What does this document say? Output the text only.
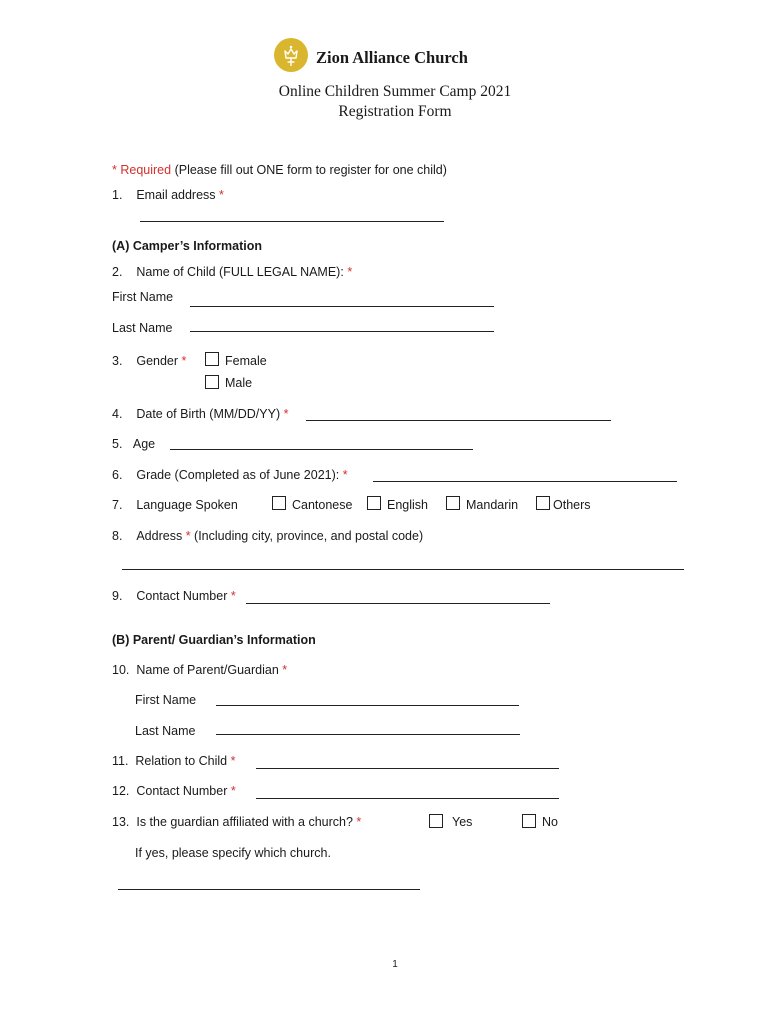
Zion Alliance Church
Online Children Summer Camp 2021
Registration Form
* Required (Please fill out ONE form to register for one child)
1. Email address *
(A) Camper’s Information
2. Name of Child (FULL LEGAL NAME): *
First Name
Last Name
3. Gender *	Female
Male
4. Date of Birth (MM/DD/YY) *
5. Age
6. Grade (Completed as of June 2021): *
7. Language Spoken	Cantonese	English	Mandarin	Others
8. Address * (Including city, province, and postal code)
9. Contact Number *
(B) Parent/ Guardian’s Information
10. Name of Parent/Guardian *
First Name
Last Name
11. Relation to Child *
12. Contact Number *
13. Is the guardian affiliated with a church? *	Yes	No
If yes, please specify which church.
1
